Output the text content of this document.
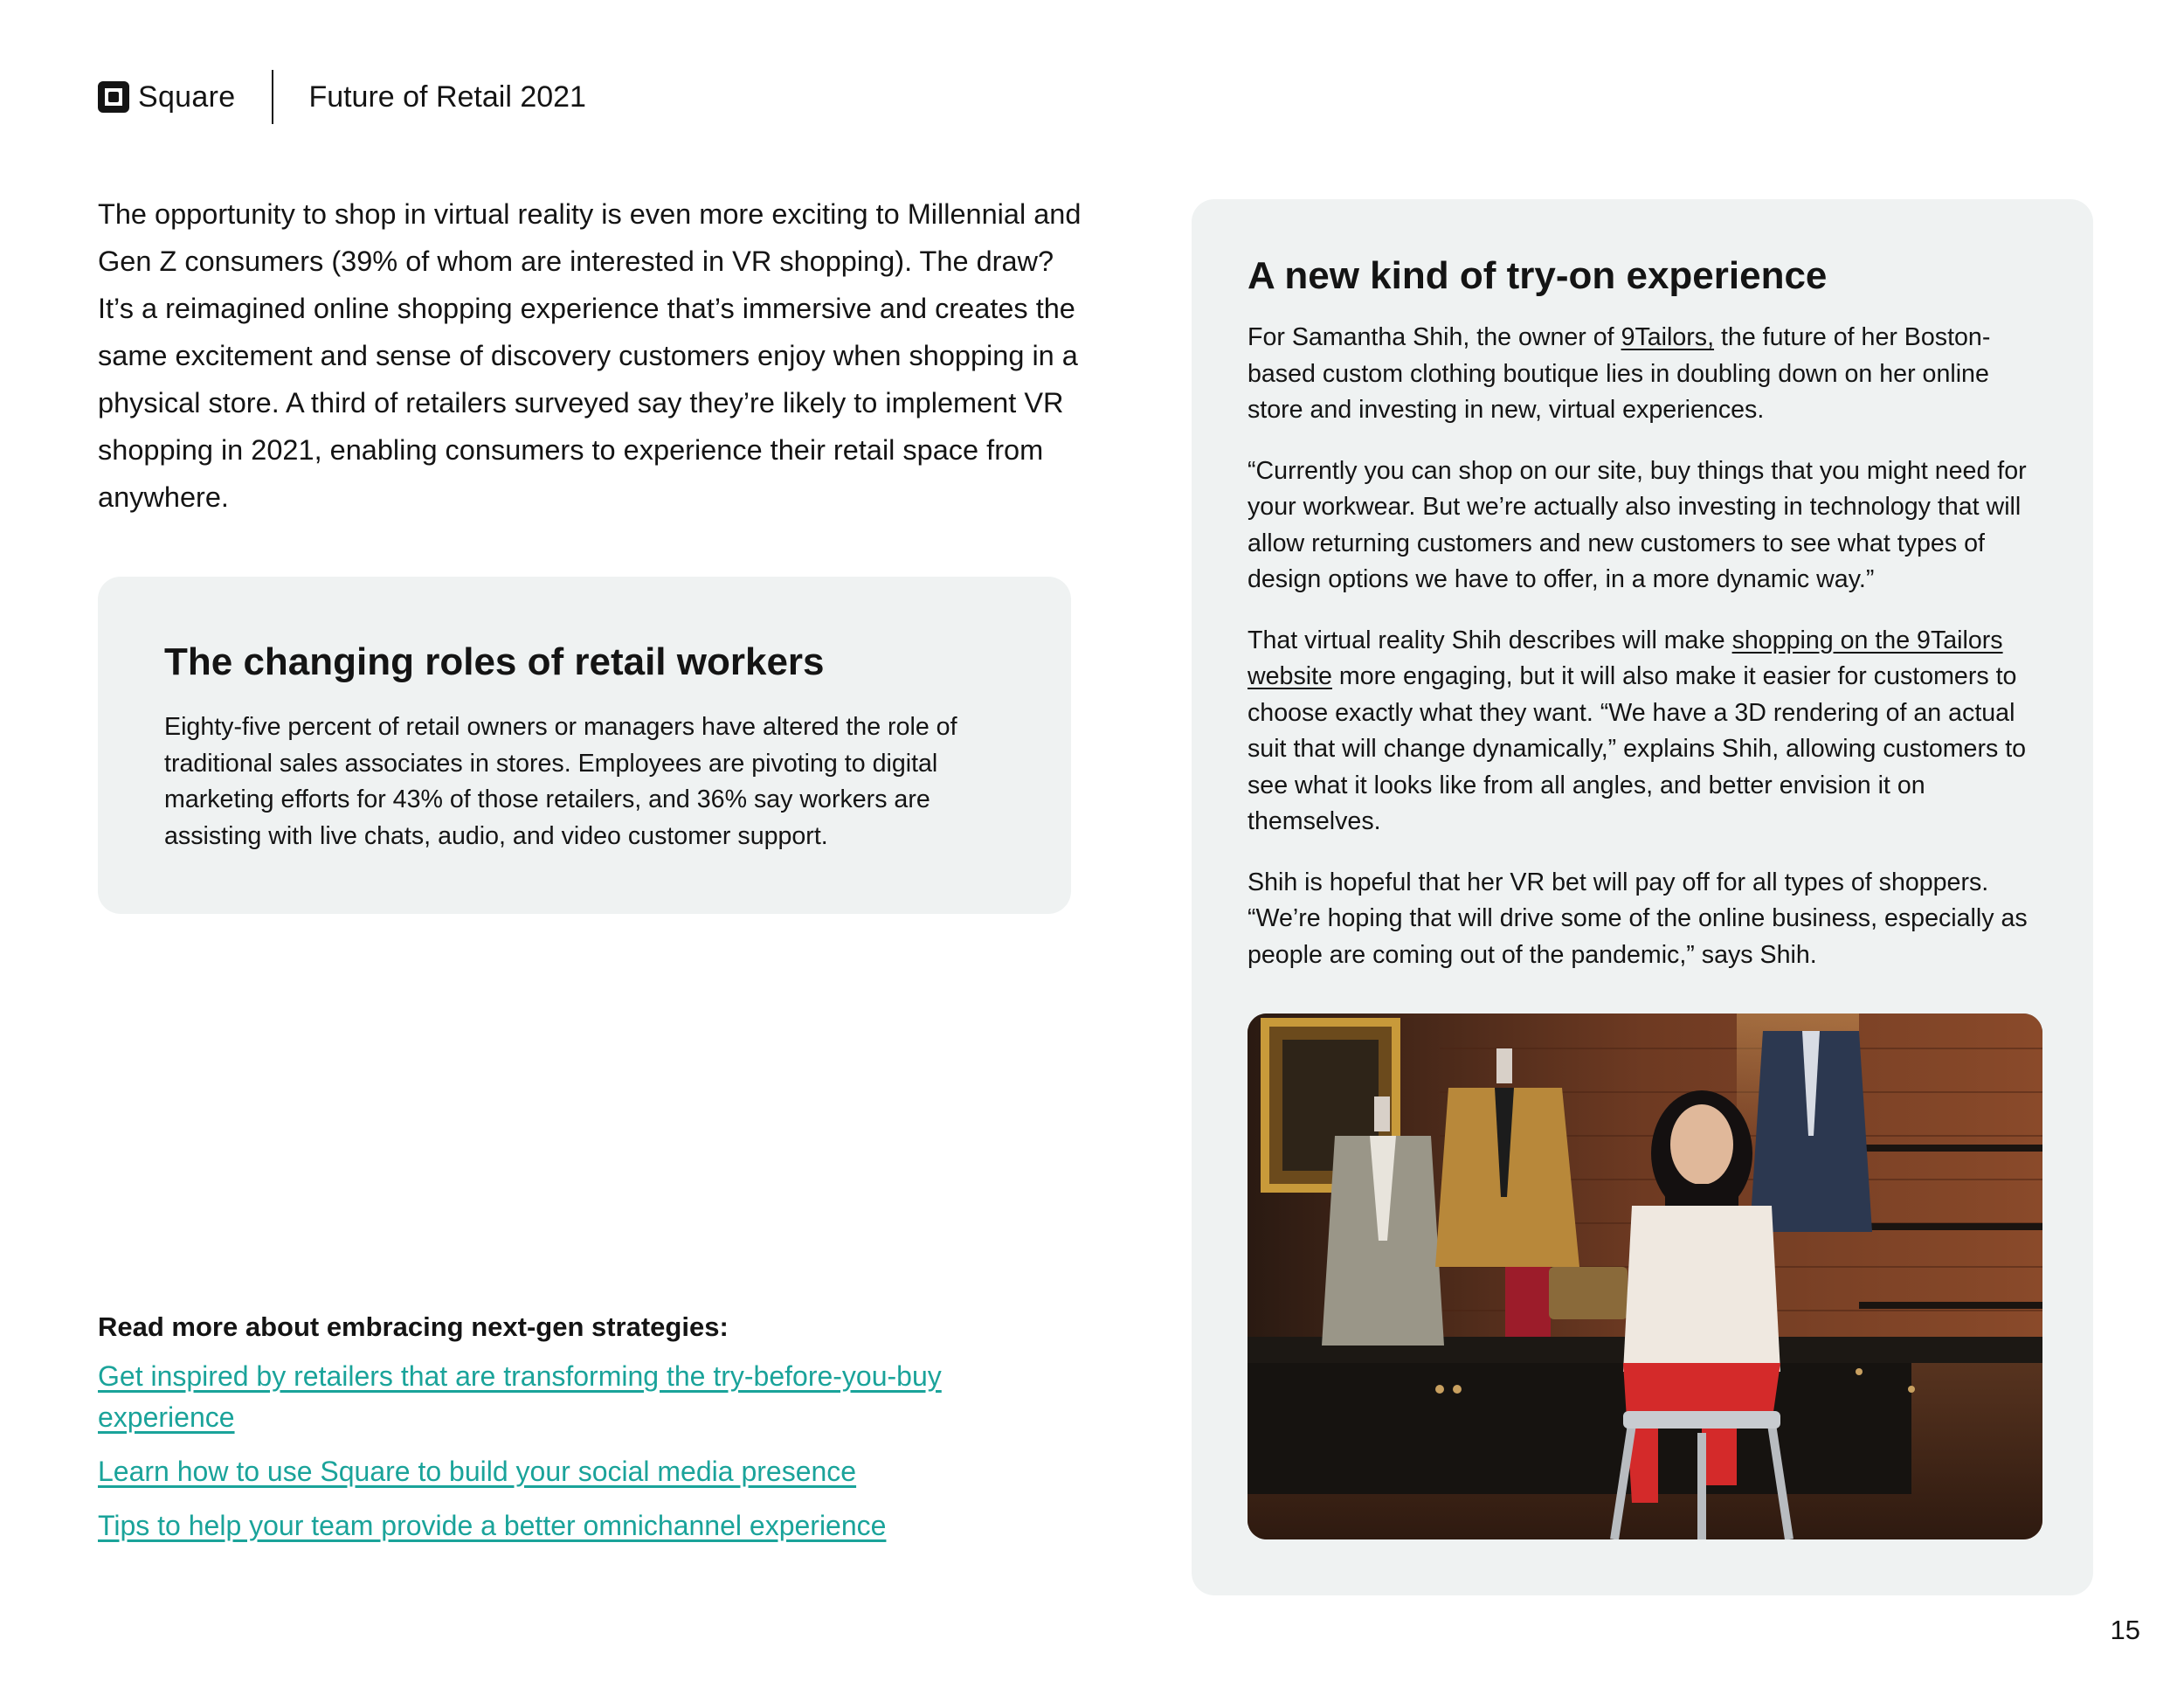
Square Future of Retail 2021

The opportunity to shop in virtual reality is even more exciting to Millennial and Gen Z consumers (39% of whom are interested in VR shopping). The draw? It’s a reimagined online shopping experience that’s immersive and creates the same excitement and sense of discovery customers enjoy when shopping in a physical store. A third of retailers surveyed say they’re likely to implement VR shopping in 2021, enabling consumers to experience their retail space from anywhere.

The changing roles of retail workers

Eighty-five percent of retail owners or managers have altered the role of traditional sales associates in stores. Employees are pivoting to digital marketing efforts for 43% of those retailers, and 36% say workers are assisting with live chats, audio, and video customer support.

Read more about embracing next-gen strategies:
Get inspired by retailers that are transforming the try-before-you-buy experience
Learn how to use Square to build your social media presence
Tips to help your team provide a better omnichannel experience
A new kind of try-on experience

For Samantha Shih, the owner of 9Tailors, the future of her Boston-based custom clothing boutique lies in doubling down on her online store and investing in new, virtual experiences.

“Currently you can shop on our site, buy things that you might need for your workwear. But we’re actually also investing in technology that will allow returning customers and new customers to see what types of design options we have to offer, in a more dynamic way.”

That virtual reality Shih describes will make shopping on the 9Tailors website more engaging, but it will also make it easier for customers to choose exactly what they want. “We have a 3D rendering of an actual suit that will change dynamically,” explains Shih, allowing customers to see what it looks like from all angles, and better envision it on themselves.

Shih is hopeful that her VR bet will pay off for all types of shoppers. “We’re hoping that will drive some of the online business, especially as people are coming out of the pandemic,” says Shih.

15
